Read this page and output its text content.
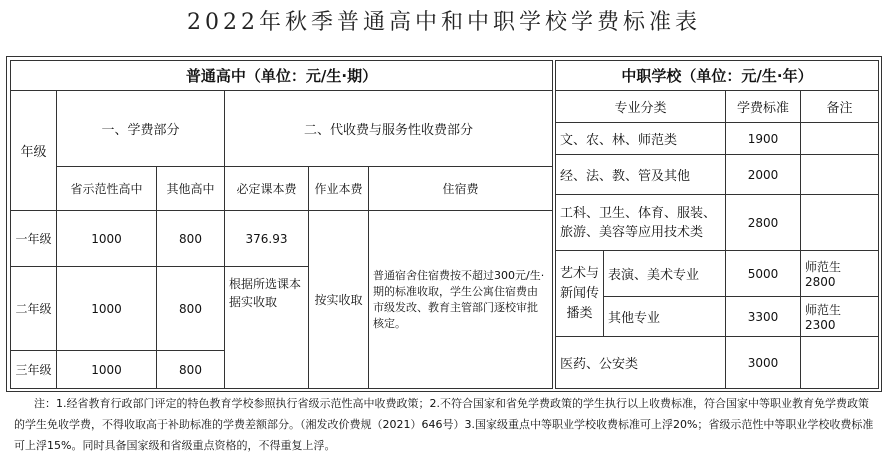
2022年秋季普通高中和中职学校学费标准表
普通高中（单位：元/生·期）					
年级	一、学费部分		二、代收费与服务性收费部分		
	省示范性高中	其他高中	必定课本费	作业本费	住宿费
一年级	1000	800	376.93	按实收取	普通宿舍住宿费按不超过300元/生·期的标准收取，学生公寓住宿费由市级发改、教育主管部门逐校审批核定。
二年级	1000	800	根据所选课本据实收取		
三年级	1000	800			
中职学校（单位：元/生·年）			
专业分类		学费标准	备注
文、农、林、师范类		1900	
经、法、教、管及其他		2000	
工科、卫生、体育、服装、旅游、美容等应用技术类		2800	
艺术与新闻传播类	表演、美术专业	5000	师范生 2800
	其他专业	3300	师范生 2300
医药、公安类		3000	
注：1.经省教育行政部门评定的特色教育学校参照执行省级示范性高中收费政策；2.不符合国家和省免学费政策的学生执行以上收费标准，符合国家中等职业教育免学费政策的学生免收学费，不得收取高于补助标准的学费差额部分。（湘发改价费规（2021）646号）3.国家级重点中等职业学校收费标准可上浮20%；省级示范性中等职业学校收费标准可上浮15%。同时具备国家级和省级重点资格的，不得重复上浮。
